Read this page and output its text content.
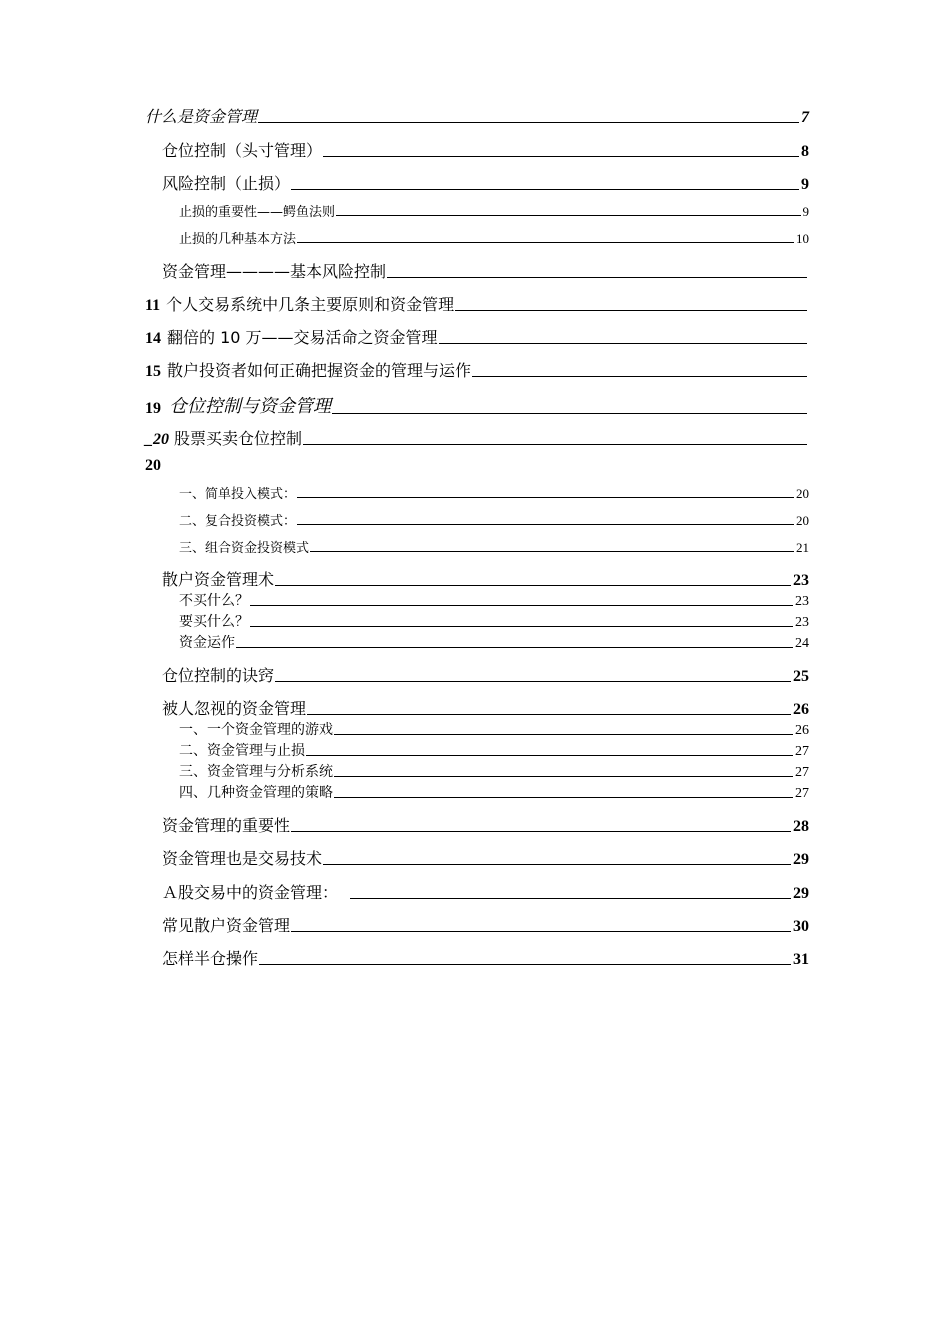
什么是资金管理	7
仓位控制（头寸管理）	8
风险控制（止损）	9
止损的重要性——鳄鱼法则	9
止损的几种基本方法	10
资金管理————基本风险控制
11 个人交易系统中几条主要原则和资金管理
14 翻倍的 10 万——交易活命之资金管理
15 散户投资者如何正确把握资金的管理与运作
19 仓位控制与资金管理
_20 股票买卖仓位控制
20
一、简单投入模式：	20
二、复合投资模式：	20
三、组合资金投资模式	21
散户资金管理术	23
不买什么？	23
要买什么？	23
资金运作	24
仓位控制的诀窍	25
被人忽视的资金管理	26
一、一个资金管理的游戏	26
二、资金管理与止损	27
三、资金管理与分析系统	27
四、几种资金管理的策略	27
资金管理的重要性	28
资金管理也是交易技术	29
Ａ股交易中的资金管理：	29
常见散户资金管理	30
怎样半仓操作	31
